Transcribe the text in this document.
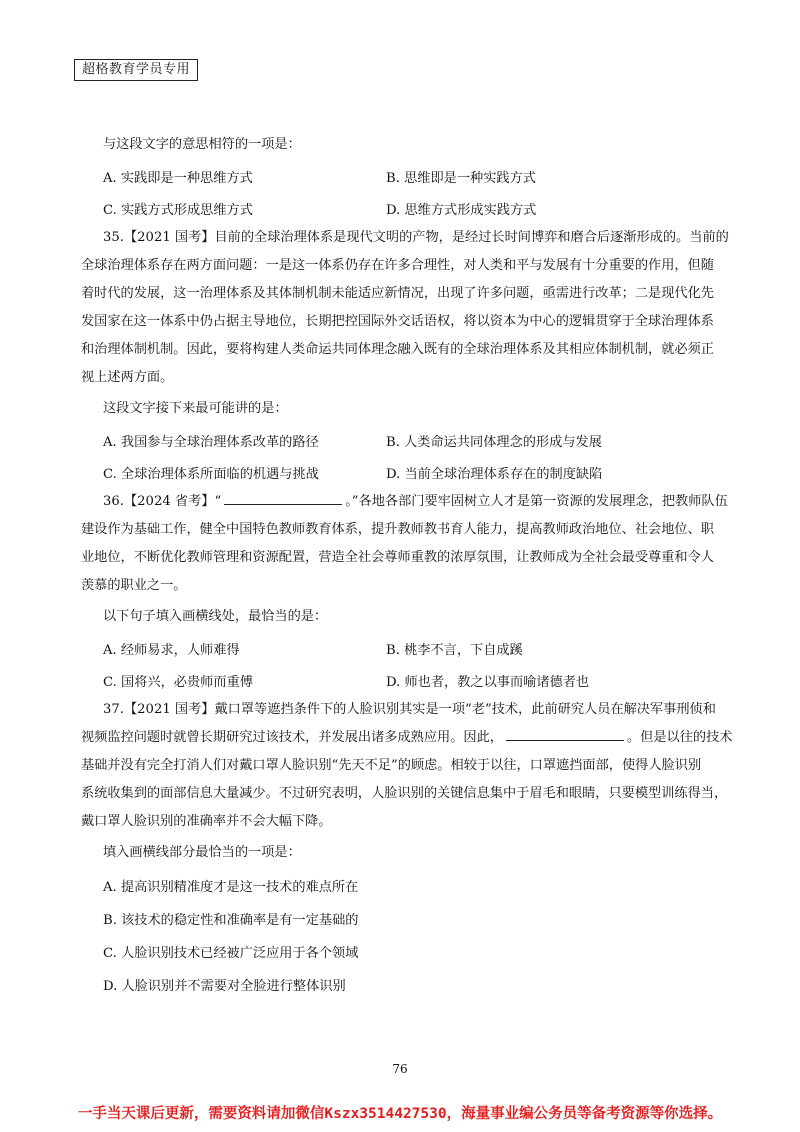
超格教育学员专用
与这段文字的意思相符的一项是：
A. 实践即是一种思维方式	B. 思维即是一种实践方式
C. 实践方式形成思维方式	D. 思维方式形成实践方式
35.【2021 国考】目前的全球治理体系是现代文明的产物，是经过长时间博弈和磨合后逐渐形成的。当前的
全球治理体系存在两方面问题：一是这一体系仍存在许多合理性，对人类和平与发展有十分重要的作用，但随
着时代的发展，这一治理体系及其体制机制未能适应新情况，出现了许多问题，亟需进行改革；二是现代化先
发国家在这一体系中仍占据主导地位，长期把控国际外交话语权，将以资本为中心的逻辑贯穿于全球治理体系
和治理体制机制。因此，要将构建人类命运共同体理念融入既有的全球治理体系及其相应体制机制，就必须正
视上述两方面。
这段文字接下来最可能讲的是：
A. 我国参与全球治理体系改革的路径	B. 人类命运共同体理念的形成与发展
C. 全球治理体系所面临的机遇与挑战	D. 当前全球治理体系存在的制度缺陷
36.【2024 省考】“	。”各地各部门要牢固树立人才是第一资源的发展理念，把教师队伍
建设作为基础工作，健全中国特色教师教育体系，提升教师教书育人能力，提高教师政治地位、社会地位、职
业地位，不断优化教师管理和资源配置，营造全社会尊师重教的浓厚氛围，让教师成为全社会最受尊重和令人
羡慕的职业之一。
以下句子填入画横线处，最恰当的是：
A. 经师易求，人师难得	B. 桃李不言，下自成蹊
C. 国将兴，必贵师而重傅	D. 师也者，教之以事而喻诸德者也
37.【2021 国考】戴口罩等遮挡条件下的人脸识别其实是一项“老”技术，此前研究人员在解决军事刑侦和
视频监控问题时就曾长期研究过该技术，并发展出诸多成熟应用。因此，	。但是以往的技术
基础并没有完全打消人们对戴口罩人脸识别“先天不足”的顾虑。相较于以往，口罩遮挡面部，使得人脸识别
系统收集到的面部信息大量减少。不过研究表明，人脸识别的关键信息集中于眉毛和眼睛，只要模型训练得当，
戴口罩人脸识别的准确率并不会大幅下降。
填入画横线部分最恰当的一项是：
A. 提高识别精准度才是这一技术的难点所在
B. 该技术的稳定性和准确率是有一定基础的
C. 人脸识别技术已经被广泛应用于各个领域
D. 人脸识别并不需要对全脸进行整体识别
76
一手当天课后更新，需要资料请加微信Kszx3514427530，海量事业编公务员等备考资源等你选择。
